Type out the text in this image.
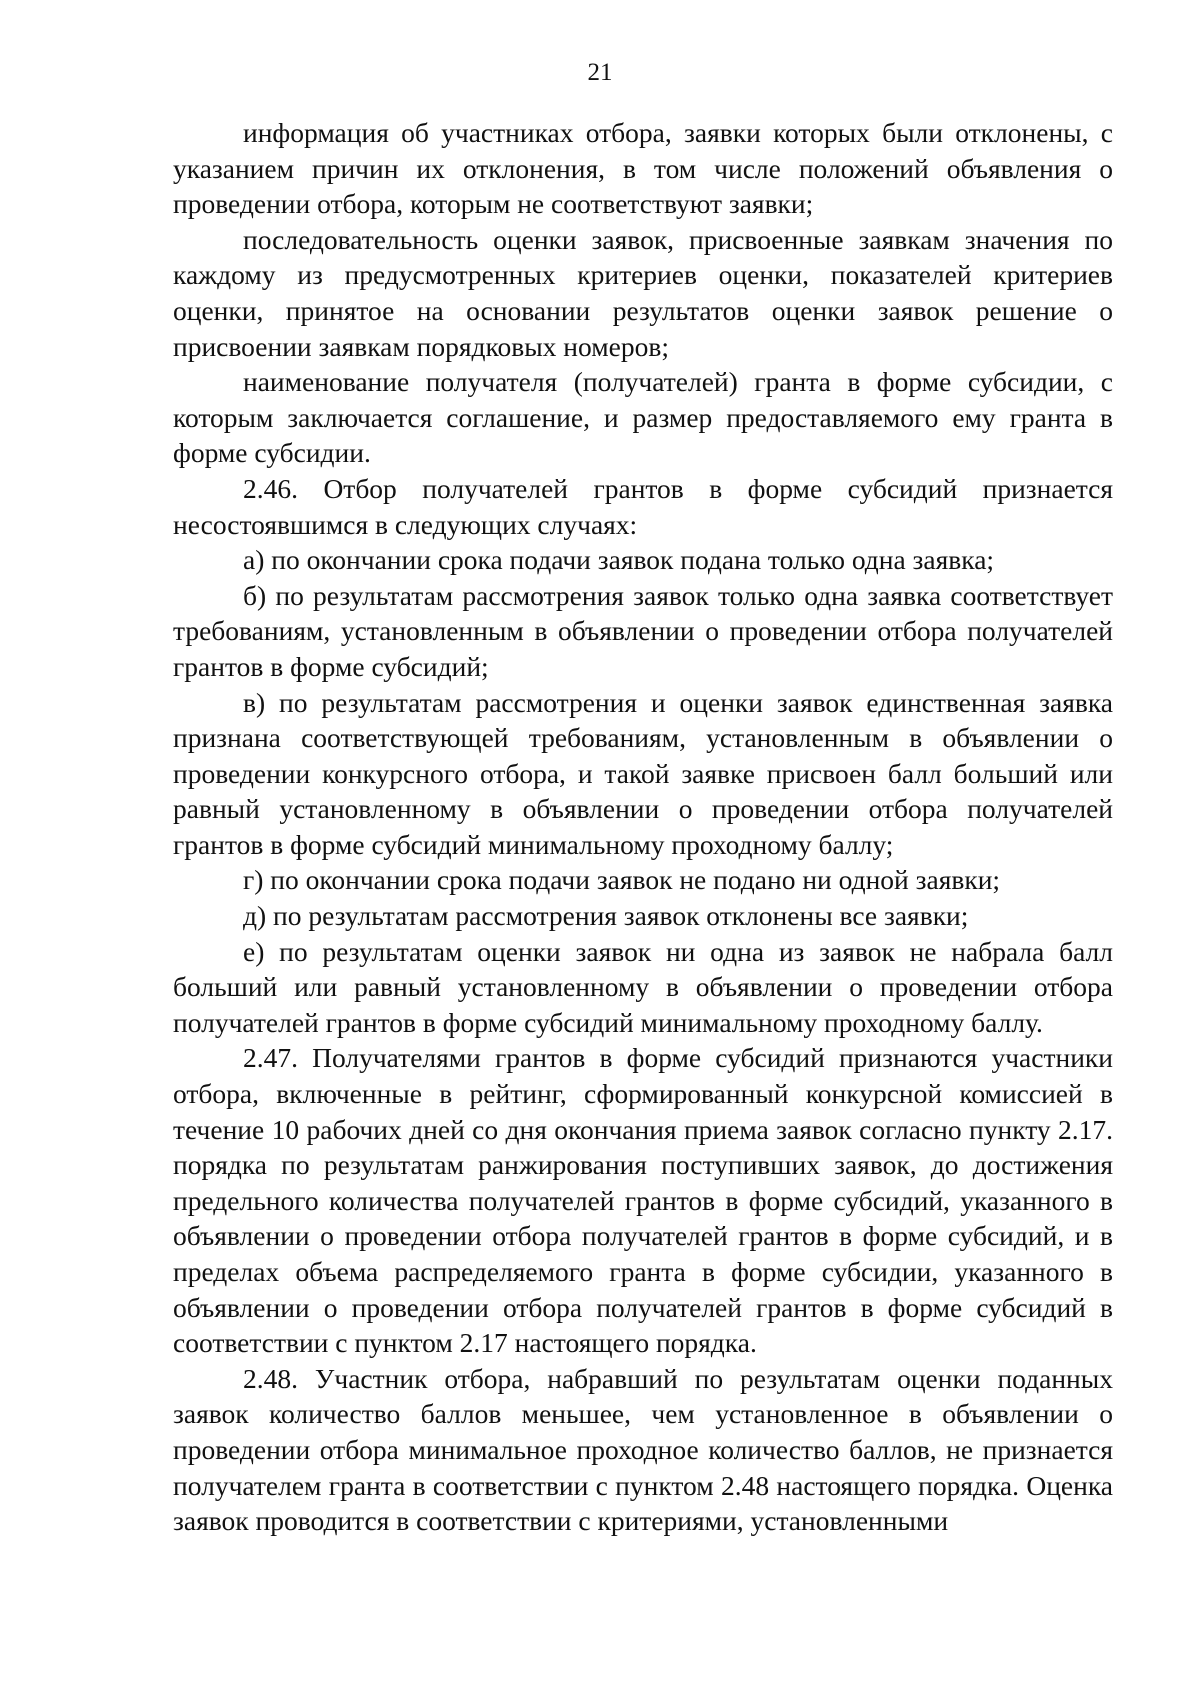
21

информация об участниках отбора, заявки которых были отклонены, с указанием причин их отклонения, в том числе положений объявления о проведении отбора, которым не соответствуют заявки;

последовательность оценки заявок, присвоенные заявкам значения по каждому из предусмотренных критериев оценки, показателей критериев оценки, принятое на основании результатов оценки заявок решение о присвоении заявкам порядковых номеров;

наименование получателя (получателей) гранта в форме субсидии, с которым заключается соглашение, и размер предоставляемого ему гранта в форме субсидии.

2.46. Отбор получателей грантов в форме субсидий признается несостоявшимся в следующих случаях:

а) по окончании срока подачи заявок подана только одна заявка;

б) по результатам рассмотрения заявок только одна заявка соответствует требованиям, установленным в объявлении о проведении отбора получателей грантов в форме субсидий;

в) по результатам рассмотрения и оценки заявок единственная заявка признана соответствующей требованиям, установленным в объявлении о проведении конкурсного отбора, и такой заявке присвоен балл больший или равный установленному в объявлении о проведении отбора получателей грантов в форме субсидий минимальному проходному баллу;

г) по окончании срока подачи заявок не подано ни одной заявки;

д) по результатам рассмотрения заявок отклонены все заявки;

е) по результатам оценки заявок ни одна из заявок не набрала балл больший или равный установленному в объявлении о проведении отбора получателей грантов в форме субсидий минимальному проходному баллу.

2.47. Получателями грантов в форме субсидий признаются участники отбора, включенные в рейтинг, сформированный конкурсной комиссией в течение 10 рабочих дней со дня окончания приема заявок согласно пункту 2.17. порядка по результатам ранжирования поступивших заявок, до достижения предельного количества получателей грантов в форме субсидий, указанного в объявлении о проведении отбора получателей грантов в форме субсидий, и в пределах объема распределяемого гранта в форме субсидии, указанного в объявлении о проведении отбора получателей грантов в форме субсидий в соответствии с пунктом 2.17 настоящего порядка.

2.48. Участник отбора, набравший по результатам оценки поданных заявок количество баллов меньшее, чем установленное в объявлении о проведении отбора минимальное проходное количество баллов, не признается получателем гранта в соответствии с пунктом 2.48 настоящего порядка. Оценка заявок проводится в соответствии с критериями, установленными
